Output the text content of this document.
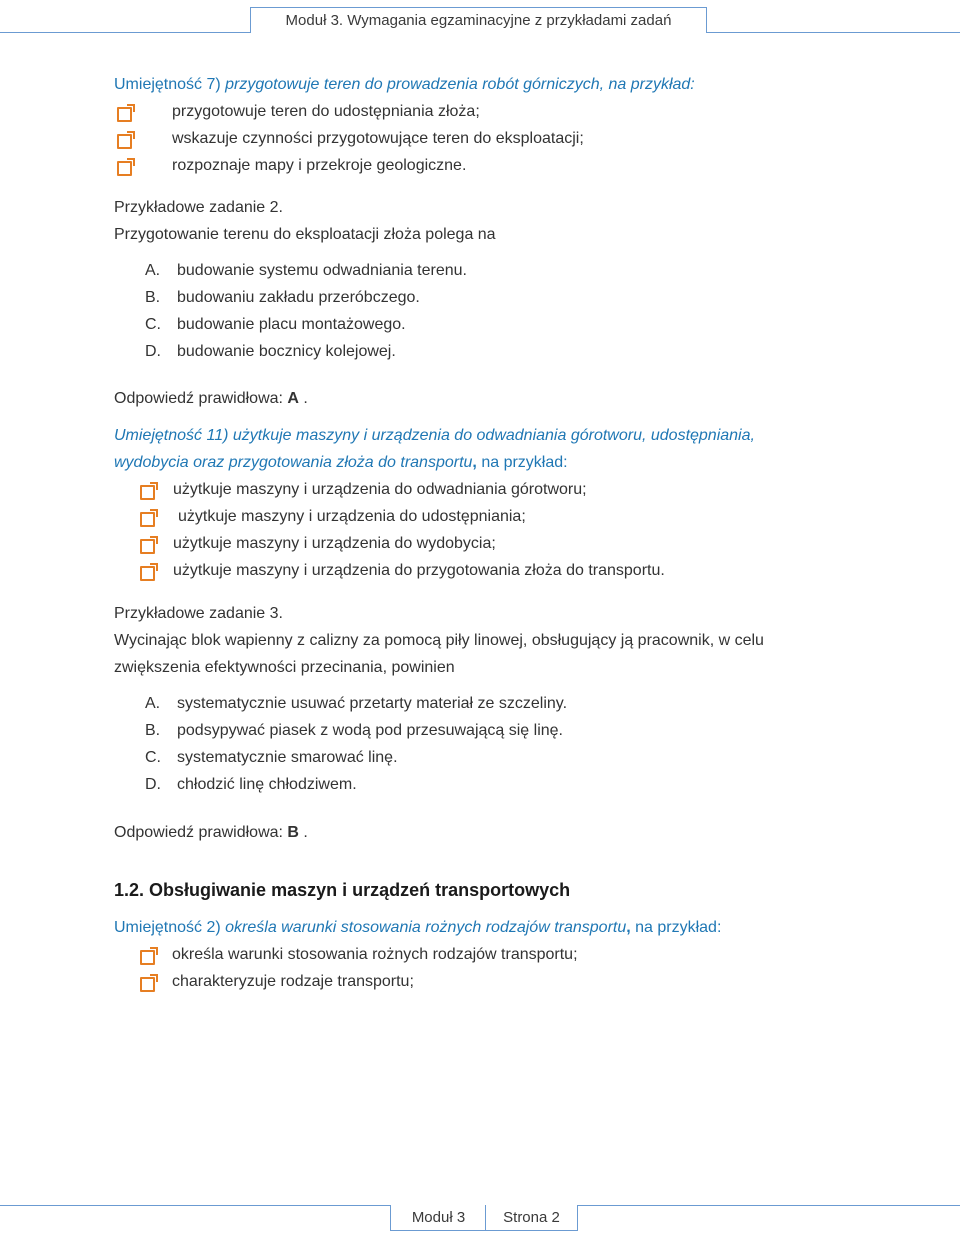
Moduł 3. Wymagania egzaminacyjne z przykładami zadań
Umiejętność 7) przygotowuje teren do prowadzenia robót górniczych, na przykład:
przygotowuje teren do udostępniania złoża;
wskazuje czynności przygotowujące teren do eksploatacji;
rozpoznaje mapy i przekroje geologiczne.
Przykładowe zadanie 2.
Przygotowanie terenu do eksploatacji złoża polega na
A. budowanie systemu odwadniania terenu.
B. budowaniu zakładu przeróbczego.
C. budowanie placu montażowego.
D. budowanie bocznicy kolejowej.
Odpowiedź prawidłowa: A .
Umiejętność 11) użytkuje maszyny i urządzenia do odwadniania górotworu, udostępniania,
wydobycia oraz przygotowania złoża do transportu, na przykład:
użytkuje maszyny i urządzenia do odwadniania górotworu;
użytkuje maszyny i urządzenia do udostępniania;
użytkuje maszyny i urządzenia do wydobycia;
użytkuje maszyny i urządzenia do przygotowania złoża do transportu.
Przykładowe zadanie 3.
Wycinając blok wapienny z calizny za pomocą piły linowej, obsługujący ją pracownik, w celu
zwiększenia efektywności przecinania, powinien
A. systematycznie usuwać przetarty materiał ze szczeliny.
B. podsypywać piasek z wodą pod przesuwającą się linę.
C. systematycznie smarować linę.
D. chłodzić linę chłodziwem.
Odpowiedź prawidłowa: B .
1.2. Obsługiwanie maszyn i urządzeń transportowych
Umiejętność 2) określa warunki stosowania rożnych rodzajów transportu, na przykład:
określa warunki stosowania rożnych rodzajów transportu;
charakteryzuje rodzaje transportu;
Moduł 3	Strona 2
